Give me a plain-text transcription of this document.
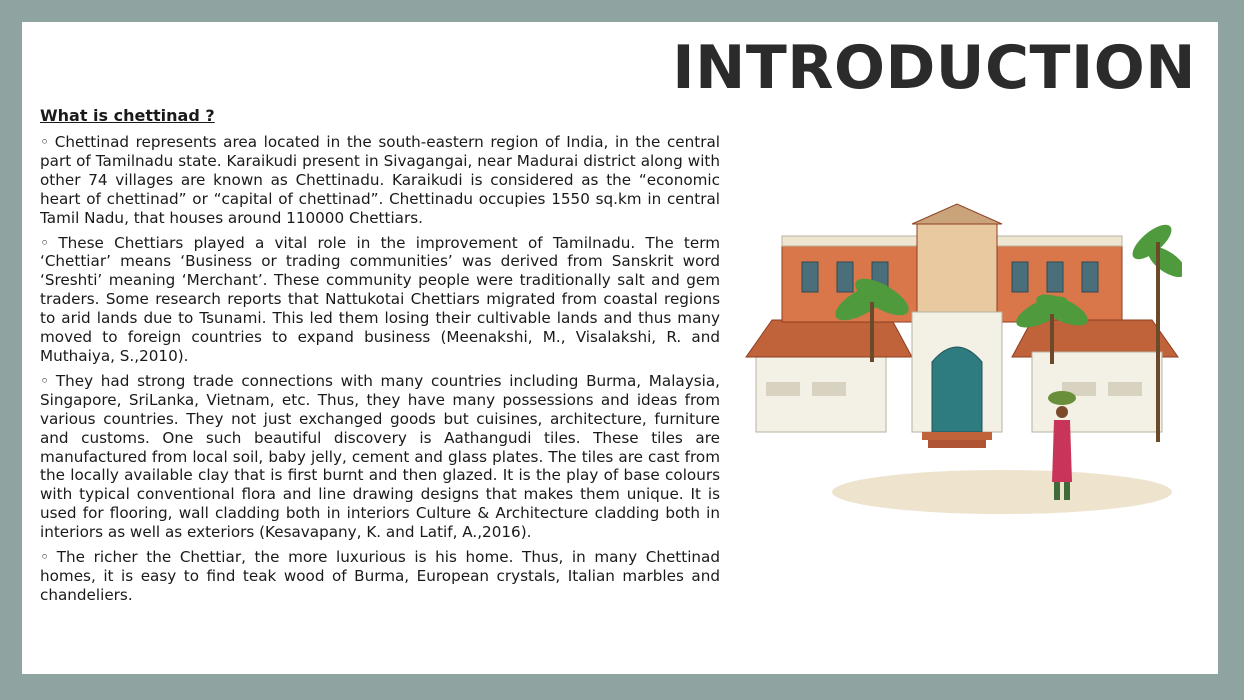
INTRODUCTION
What is chettinad ?

◦ Chettinad represents area located in the south-eastern region of India, in the central part of Tamilnadu state. Karaikudi present in Sivagangai, near Madurai district along with other 74 villages are known as Chettinadu. Karaikudi is considered as the “economic heart of chettinad” or “capital of chettinad”. Chettinadu occupies 1550 sq.km in central Tamil Nadu, that houses around 110000 Chettiars.

◦ These Chettiars played a vital role in the improvement of Tamilnadu. The term ‘Chettiar’ means ‘Business or trading communities’ was derived from Sanskrit word ‘Sreshti’ meaning ‘Merchant’. These community people were traditionally salt and gem traders. Some research reports that Nattukotai Chettiars migrated from coastal regions to arid lands due to Tsunami. This led them losing their cultivable lands and thus many moved to foreign countries to expand business (Meenakshi, M., Visalakshi, R. and Muthaiya, S.,2010).

◦ They had strong trade connections with many countries including Burma, Malaysia, Singapore, SriLanka, Vietnam, etc. Thus, they have many possessions and ideas from various countries. They not just exchanged goods but cuisines, architecture, furniture and customs. One such beautiful discovery is Aathangudi tiles. These tiles are manufactured from local soil, baby jelly, cement and glass plates. The tiles are cast from the locally available clay that is first burnt and then glazed. It is the play of base colours with typical conventional flora and line drawing designs that makes them unique. It is used for flooring, wall cladding both in interiors Culture & Architecture cladding both in interiors as well as exteriors (Kesavapany, K. and Latif, A.,2016).

◦ The richer the Chettiar, the more luxurious is his home. Thus, in many Chettinad homes, it is easy to find teak wood of Burma, European crystals, Italian marbles and chandeliers.
